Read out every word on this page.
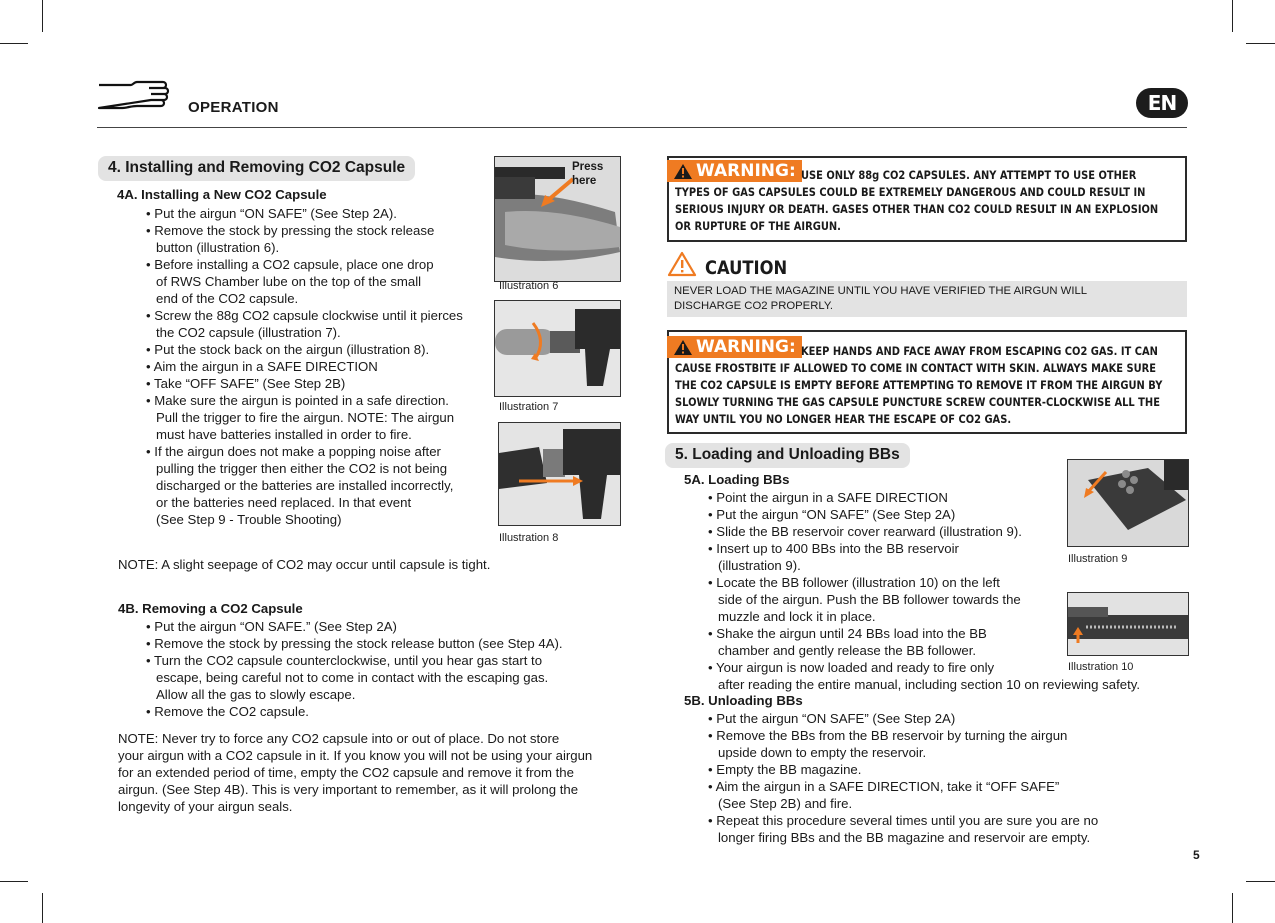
OPERATION	EN
4. Installing and Removing CO2 Capsule
4A. Installing a New CO2 Capsule
• Put the airgun “ON SAFE” (See Step 2A).
• Remove the stock by pressing the stock release
button (illustration 6).
• Before installing a CO2 capsule, place one drop
of RWS Chamber lube on the top of the small
end of the CO2 capsule.
• Screw the 88g CO2 capsule clockwise until it pierces
the CO2 capsule (illustration 7).
• Put the stock back on the airgun (illustration 8).
• Aim the airgun in a SAFE DIRECTION
• Take “OFF SAFE” (See Step 2B)
• Make sure the airgun is pointed in a safe direction.
Pull the trigger to fire the airgun. NOTE: The airgun
must have batteries installed in order to fire.
• If the airgun does not make a popping noise after
pulling the trigger then either the CO2 is not being
discharged or the batteries are installed incorrectly,
or the batteries need replaced. In that event
(See Step 9 - Trouble Shooting)
NOTE: A slight seepage of CO2 may occur until capsule is tight.
4B. Removing a CO2 Capsule
• Put the airgun “ON SAFE.” (See Step 2A)
• Remove the stock by pressing the stock release button (see Step 4A).
• Turn the CO2 capsule counterclockwise, until you hear gas start to
escape, being careful not to come in contact with the escaping gas.
Allow all the gas to slowly escape.
• Remove the CO2 capsule.
NOTE: Never try to force any CO2 capsule into or out of place. Do not store
your airgun with a CO2 capsule in it. If you know you will not be using your airgun
for an extended period of time, empty the CO2 capsule and remove it from the
airgun. (See Step 4B). This is very important to remember, as it will prolong the
longevity of your airgun seals.
Press
here
Illustration 6
Illustration 7
Illustration 8
WARNING: USE ONLY 88g CO2 CAPSULES. ANY ATTEMPT TO USE OTHER
TYPES OF GAS CAPSULES COULD BE EXTREMELY DANGEROUS AND COULD RESULT IN
SERIOUS INJURY OR DEATH. GASES OTHER THAN CO2 COULD RESULT IN AN EXPLOSION
OR RUPTURE OF THE AIRGUN.
CAUTION
NEVER LOAD THE MAGAZINE UNTIL YOU HAVE VERIFIED THE AIRGUN WILL
DISCHARGE CO2 PROPERLY.
WARNING: KEEP HANDS AND FACE AWAY FROM ESCAPING CO2 GAS. IT CAN
CAUSE FROSTBITE IF ALLOWED TO COME IN CONTACT WITH SKIN. ALWAYS MAKE SURE
THE CO2 CAPSULE IS EMPTY BEFORE ATTEMPTING TO REMOVE IT FROM THE AIRGUN BY
SLOWLY TURNING THE GAS CAPSULE PUNCTURE SCREW COUNTER-CLOCKWISE ALL THE
WAY UNTIL YOU NO LONGER HEAR THE ESCAPE OF CO2 GAS.
5. Loading and Unloading BBs
5A. Loading BBs
• Point the airgun in a SAFE DIRECTION
• Put the airgun “ON SAFE” (See Step 2A)
• Slide the BB reservoir cover rearward (illustration 9).
• Insert up to 400 BBs into the BB reservoir
(illustration 9).
• Locate the BB follower (illustration 10) on the left
side of the airgun. Push the BB follower towards the
muzzle and lock it in place.
• Shake the airgun until 24 BBs load into the BB
chamber and gently release the BB follower.
• Your airgun is now loaded and ready to fire only
after reading the entire manual, including section 10 on reviewing safety.
5B. Unloading BBs
• Put the airgun “ON SAFE” (See Step 2A)
• Remove the BBs from the BB reservoir by turning the airgun
upside down to empty the reservoir.
• Empty the BB magazine.
• Aim the airgun in a SAFE DIRECTION, take it “OFF SAFE”
(See Step 2B) and fire.
• Repeat this procedure several times until you are sure you are no
longer firing BBs and the BB magazine and reservoir are empty.
Illustration 9
Illustration 10
5
